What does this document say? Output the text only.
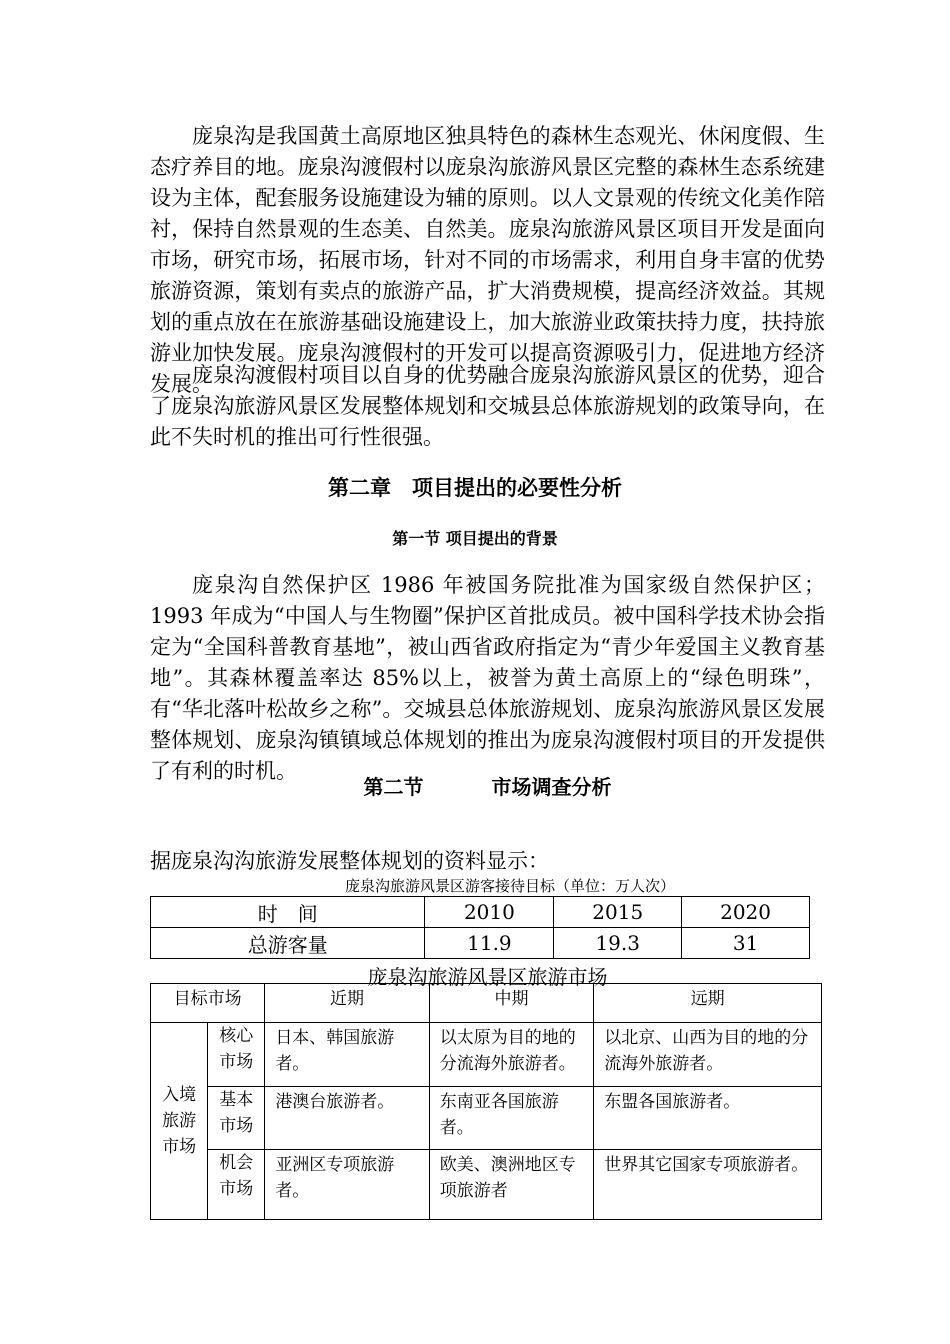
庞泉沟是我国黄土高原地区独具特色的森林生态观光、休闲度假、生态疗养目的地。庞泉沟渡假村以庞泉沟旅游风景区完整的森林生态系统建设为主体，配套服务设施建设为辅的原则。以人文景观的传统文化美作陪衬，保持自然景观的生态美、自然美。庞泉沟旅游风景区项目开发是面向市场，研究市场，拓展市场，针对不同的市场需求，利用自身丰富的优势旅游资源，策划有卖点的旅游产品，扩大消费规模，提高经济效益。其规划的重点放在在旅游基础设施建设上，加大旅游业政策扶持力度，扶持旅游业加快发展。庞泉沟渡假村的开发可以提高资源吸引力，促进地方经济发展。

庞泉沟渡假村项目以自身的优势融合庞泉沟旅游风景区的优势，迎合了庞泉沟旅游风景区发展整体规划和交城县总体旅游规划的政策导向，在此不失时机的推出可行性很强。

第二章　项目提出的必要性分析
第一节 项目提出的背景

庞泉沟自然保护区 1986 年被国务院批准为国家级自然保护区；1993 年成为“中国人与生物圈”保护区首批成员。被中国科学技术协会指定为“全国科普教育基地”，被山西省政府指定为“青少年爱国主义教育基地”。其森林覆盖率达 85%以上，被誉为黄土高原上的“绿色明珠”，有“华北落叶松故乡之称”。交城县总体旅游规划、庞泉沟旅游风景区发展整体规划、庞泉沟镇镇域总体规划的推出为庞泉沟渡假村项目的开发提供了有利的时机。

第二节	市场调查分析

据庞泉沟沟旅游发展整体规划的资料显示：

庞泉沟旅游风景区游客接待目标（单位：万人次）

时　间	2010	2015	2020
总游客量	11.9	19.3	31

庞泉沟旅游风景区旅游市场

目标市场		近期	中期	远期
入境旅游市场	核心市场	日本、韩国旅游者。	以太原为目的地的分流海外旅游者。	以北京、山西为目的地的分流海外旅游者。
	基本市场	港澳台旅游者。	东南亚各国旅游者。	东盟各国旅游者。
	机会市场	亚洲区专项旅游者。	欧美、澳洲地区专项旅游者	世界其它国家专项旅游者。
